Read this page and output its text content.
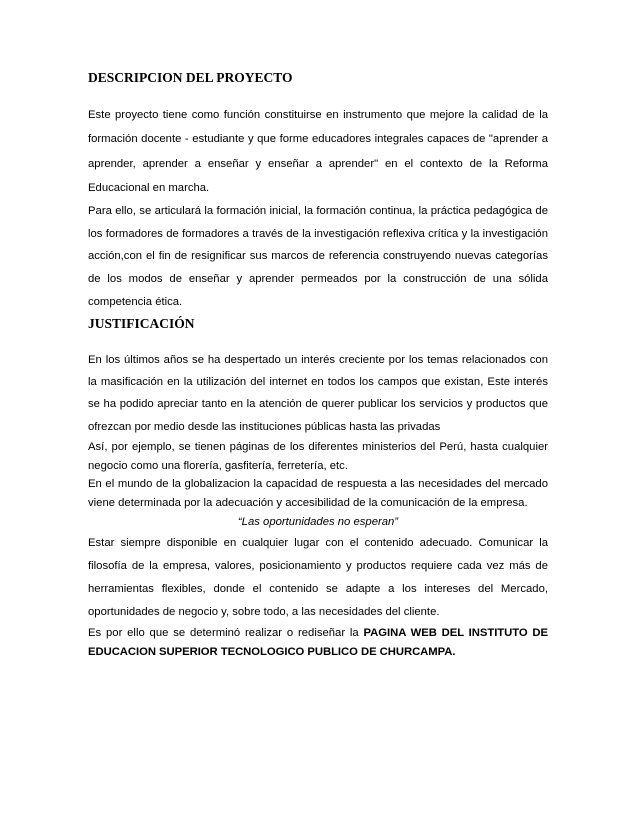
DESCRIPCION DEL PROYECTO

Este proyecto tiene como función constituirse en instrumento que mejore la calidad de la formación docente - estudiante y que forme educadores integrales capaces de "aprender a aprender, aprender a enseñar y enseñar a aprender" en el contexto de la Reforma Educacional en marcha.

Para ello, se articulará la formación inicial, la formación continua, la práctica pedagógica de los formadores de formadores a través de la investigación reflexiva crítica y la investigación acción,con el fin de resignificar sus marcos de referencia construyendo nuevas categorías de los modos de enseñar y aprender permeados por la construcción de una sólida competencia ética.

JUSTIFICACIÓN

En los últimos años se ha despertado un interés creciente por los temas relacionados con la masificación en la utilización del internet en todos los campos que existan, Este interés se ha podido apreciar tanto en la atención de querer publicar los servicios y productos que ofrezcan por medio desde las instituciones públicas hasta las privadas

Así, por ejemplo, se tienen páginas de los diferentes ministerios del Perú, hasta cualquier negocio como una florería, gasfitería, ferretería, etc.

En el mundo de la globalizacion la capacidad de respuesta a las necesidades del mercado viene determinada por la adecuación y accesibilidad de la comunicación de la empresa.

“Las oportunidades no esperan”

Estar siempre disponible en cualquier lugar con el contenido adecuado. Comunicar la filosofía de la empresa, valores, posicionamiento y productos requiere cada vez más de herramientas flexibles, donde el contenido se adapte a los intereses del Mercado, oportunidades de negocio y, sobre todo, a las necesidades del cliente.

Es por ello que se determinó realizar o rediseñar la PAGINA WEB DEL INSTITUTO DE EDUCACION SUPERIOR TECNOLOGICO PUBLICO DE CHURCAMPA.
